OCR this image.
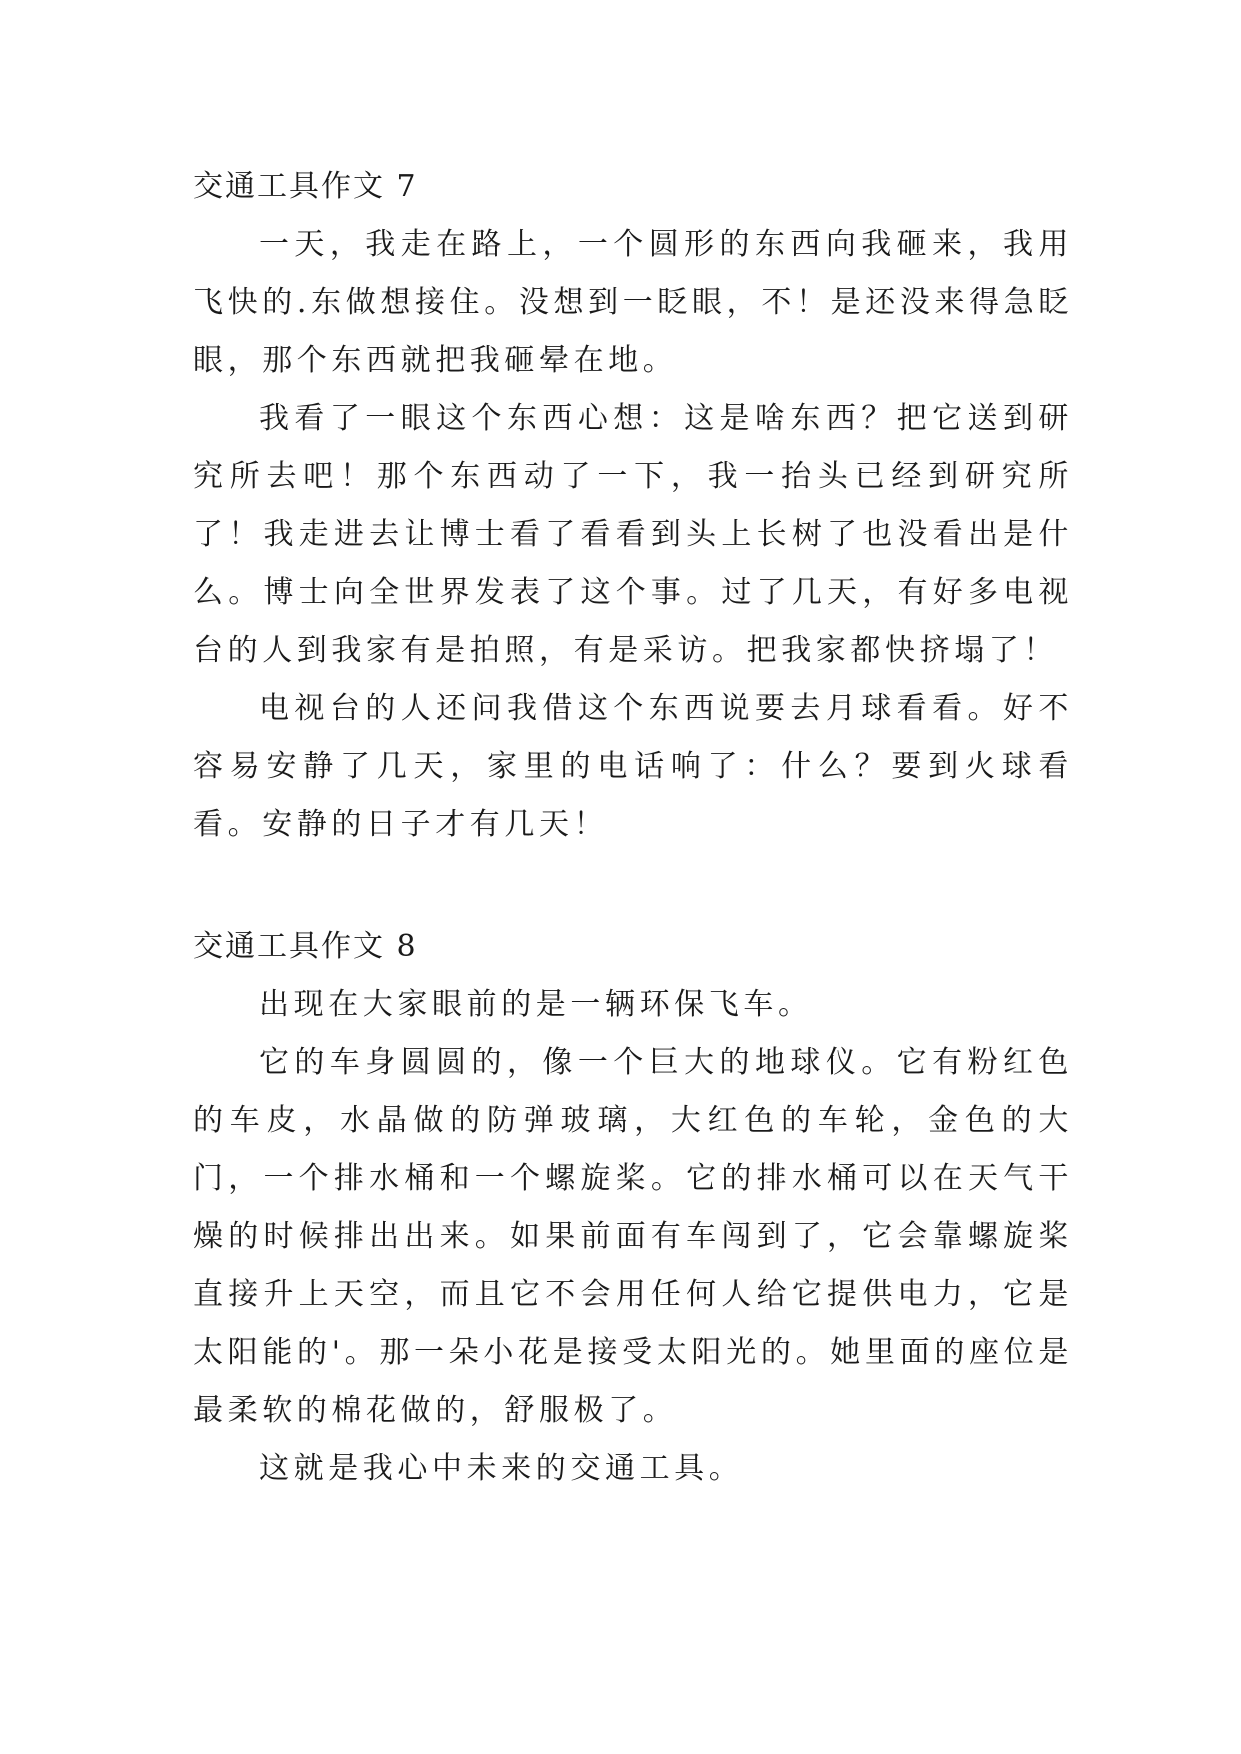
交通工具作文 7

一天，我走在路上，一个圆形的东西向我砸来，我用飞快的.东做想接住。没想到一眨眼，不！是还没来得急眨眼，那个东西就把我砸晕在地。

我看了一眼这个东西心想：这是啥东西？把它送到研究所去吧！那个东西动了一下，我一抬头已经到研究所了！我走进去让博士看了看看到头上长树了也没看出是什么。博士向全世界发表了这个事。过了几天，有好多电视台的人到我家有是拍照，有是采访。把我家都快挤塌了！

电视台的人还问我借这个东西说要去月球看看。好不容易安静了几天，家里的电话响了：什么？要到火球看看。安静的日子才有几天！

交通工具作文 8

出现在大家眼前的是一辆环保飞车。

它的车身圆圆的，像一个巨大的地球仪。它有粉红色的车皮，水晶做的防弹玻璃，大红色的车轮，金色的大门，一个排水桶和一个螺旋桨。它的排水桶可以在天气干燥的时候排出出来。如果前面有车闯到了，它会靠螺旋桨直接升上天空，而且它不会用任何人给它提供电力，它是太阳能的'。那一朵小花是接受太阳光的。她里面的座位是最柔软的棉花做的，舒服极了。

这就是我心中未来的交通工具。
